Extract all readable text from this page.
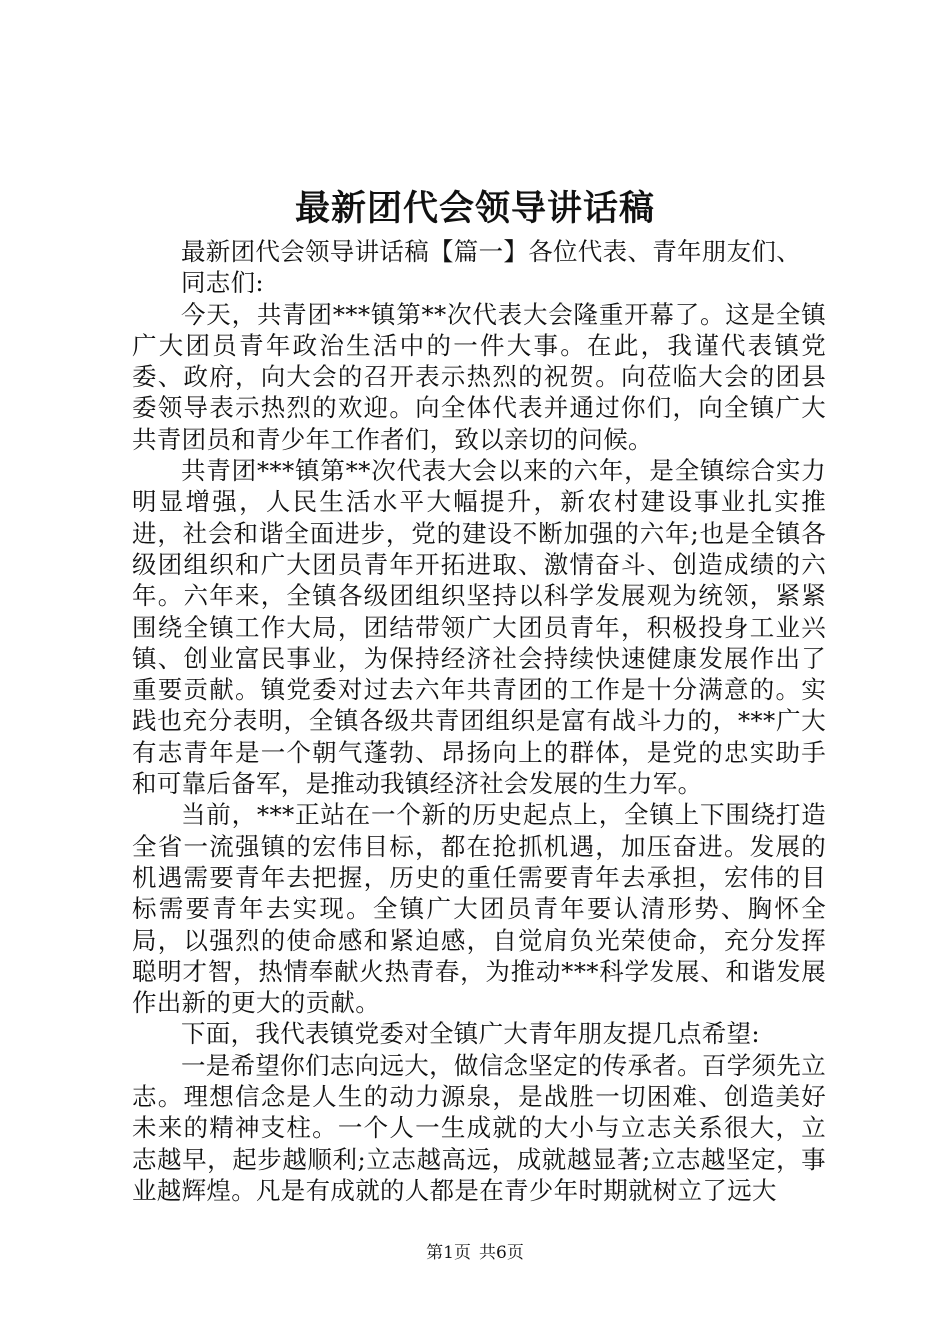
最新团代会领导讲话稿

最新团代会领导讲话稿【篇一】各位代表、青年朋友们、

同志们:

今天，共青团***镇第**次代表大会隆重开幕了。这是全镇广大团员青年政治生活中的一件大事。在此，我谨代表镇党委、政府，向大会的召开表示热烈的祝贺。向莅临大会的团县委领导表示热烈的欢迎。向全体代表并通过你们，向全镇广大共青团员和青少年工作者们，致以亲切的问候。

共青团***镇第**次代表大会以来的六年，是全镇综合实力明显增强，人民生活水平大幅提升，新农村建设事业扎实推进，社会和谐全面进步，党的建设不断加强的六年;也是全镇各级团组织和广大团员青年开拓进取、激情奋斗、创造成绩的六年。六年来，全镇各级团组织坚持以科学发展观为统领，紧紧围绕全镇工作大局，团结带领广大团员青年，积极投身工业兴镇、创业富民事业，为保持经济社会持续快速健康发展作出了重要贡献。镇党委对过去六年共青团的工作是十分满意的。实践也充分表明，全镇各级共青团组织是富有战斗力的，***广大有志青年是一个朝气蓬勃、昂扬向上的群体，是党的忠实助手和可靠后备军，是推动我镇经济社会发展的生力军。

当前，***正站在一个新的历史起点上，全镇上下围绕打造全省一流强镇的宏伟目标，都在抢抓机遇，加压奋进。发展的机遇需要青年去把握，历史的重任需要青年去承担，宏伟的目标需要青年去实现。全镇广大团员青年要认清形势、胸怀全局，以强烈的使命感和紧迫感，自觉肩负光荣使命，充分发挥聪明才智，热情奉献火热青春，为推动***科学发展、和谐发展作出新的更大的贡献。

下面，我代表镇党委对全镇广大青年朋友提几点希望:

一是希望你们志向远大，做信念坚定的传承者。百学须先立志。理想信念是人生的动力源泉，是战胜一切困难、创造美好未来的精神支柱。一个人一生成就的大小与立志关系很大，立志越早，起步越顺利;立志越高远，成就越显著;立志越坚定，事业越辉煌。凡是有成就的人都是在青少年时期就树立了远大

第1页 共6页
